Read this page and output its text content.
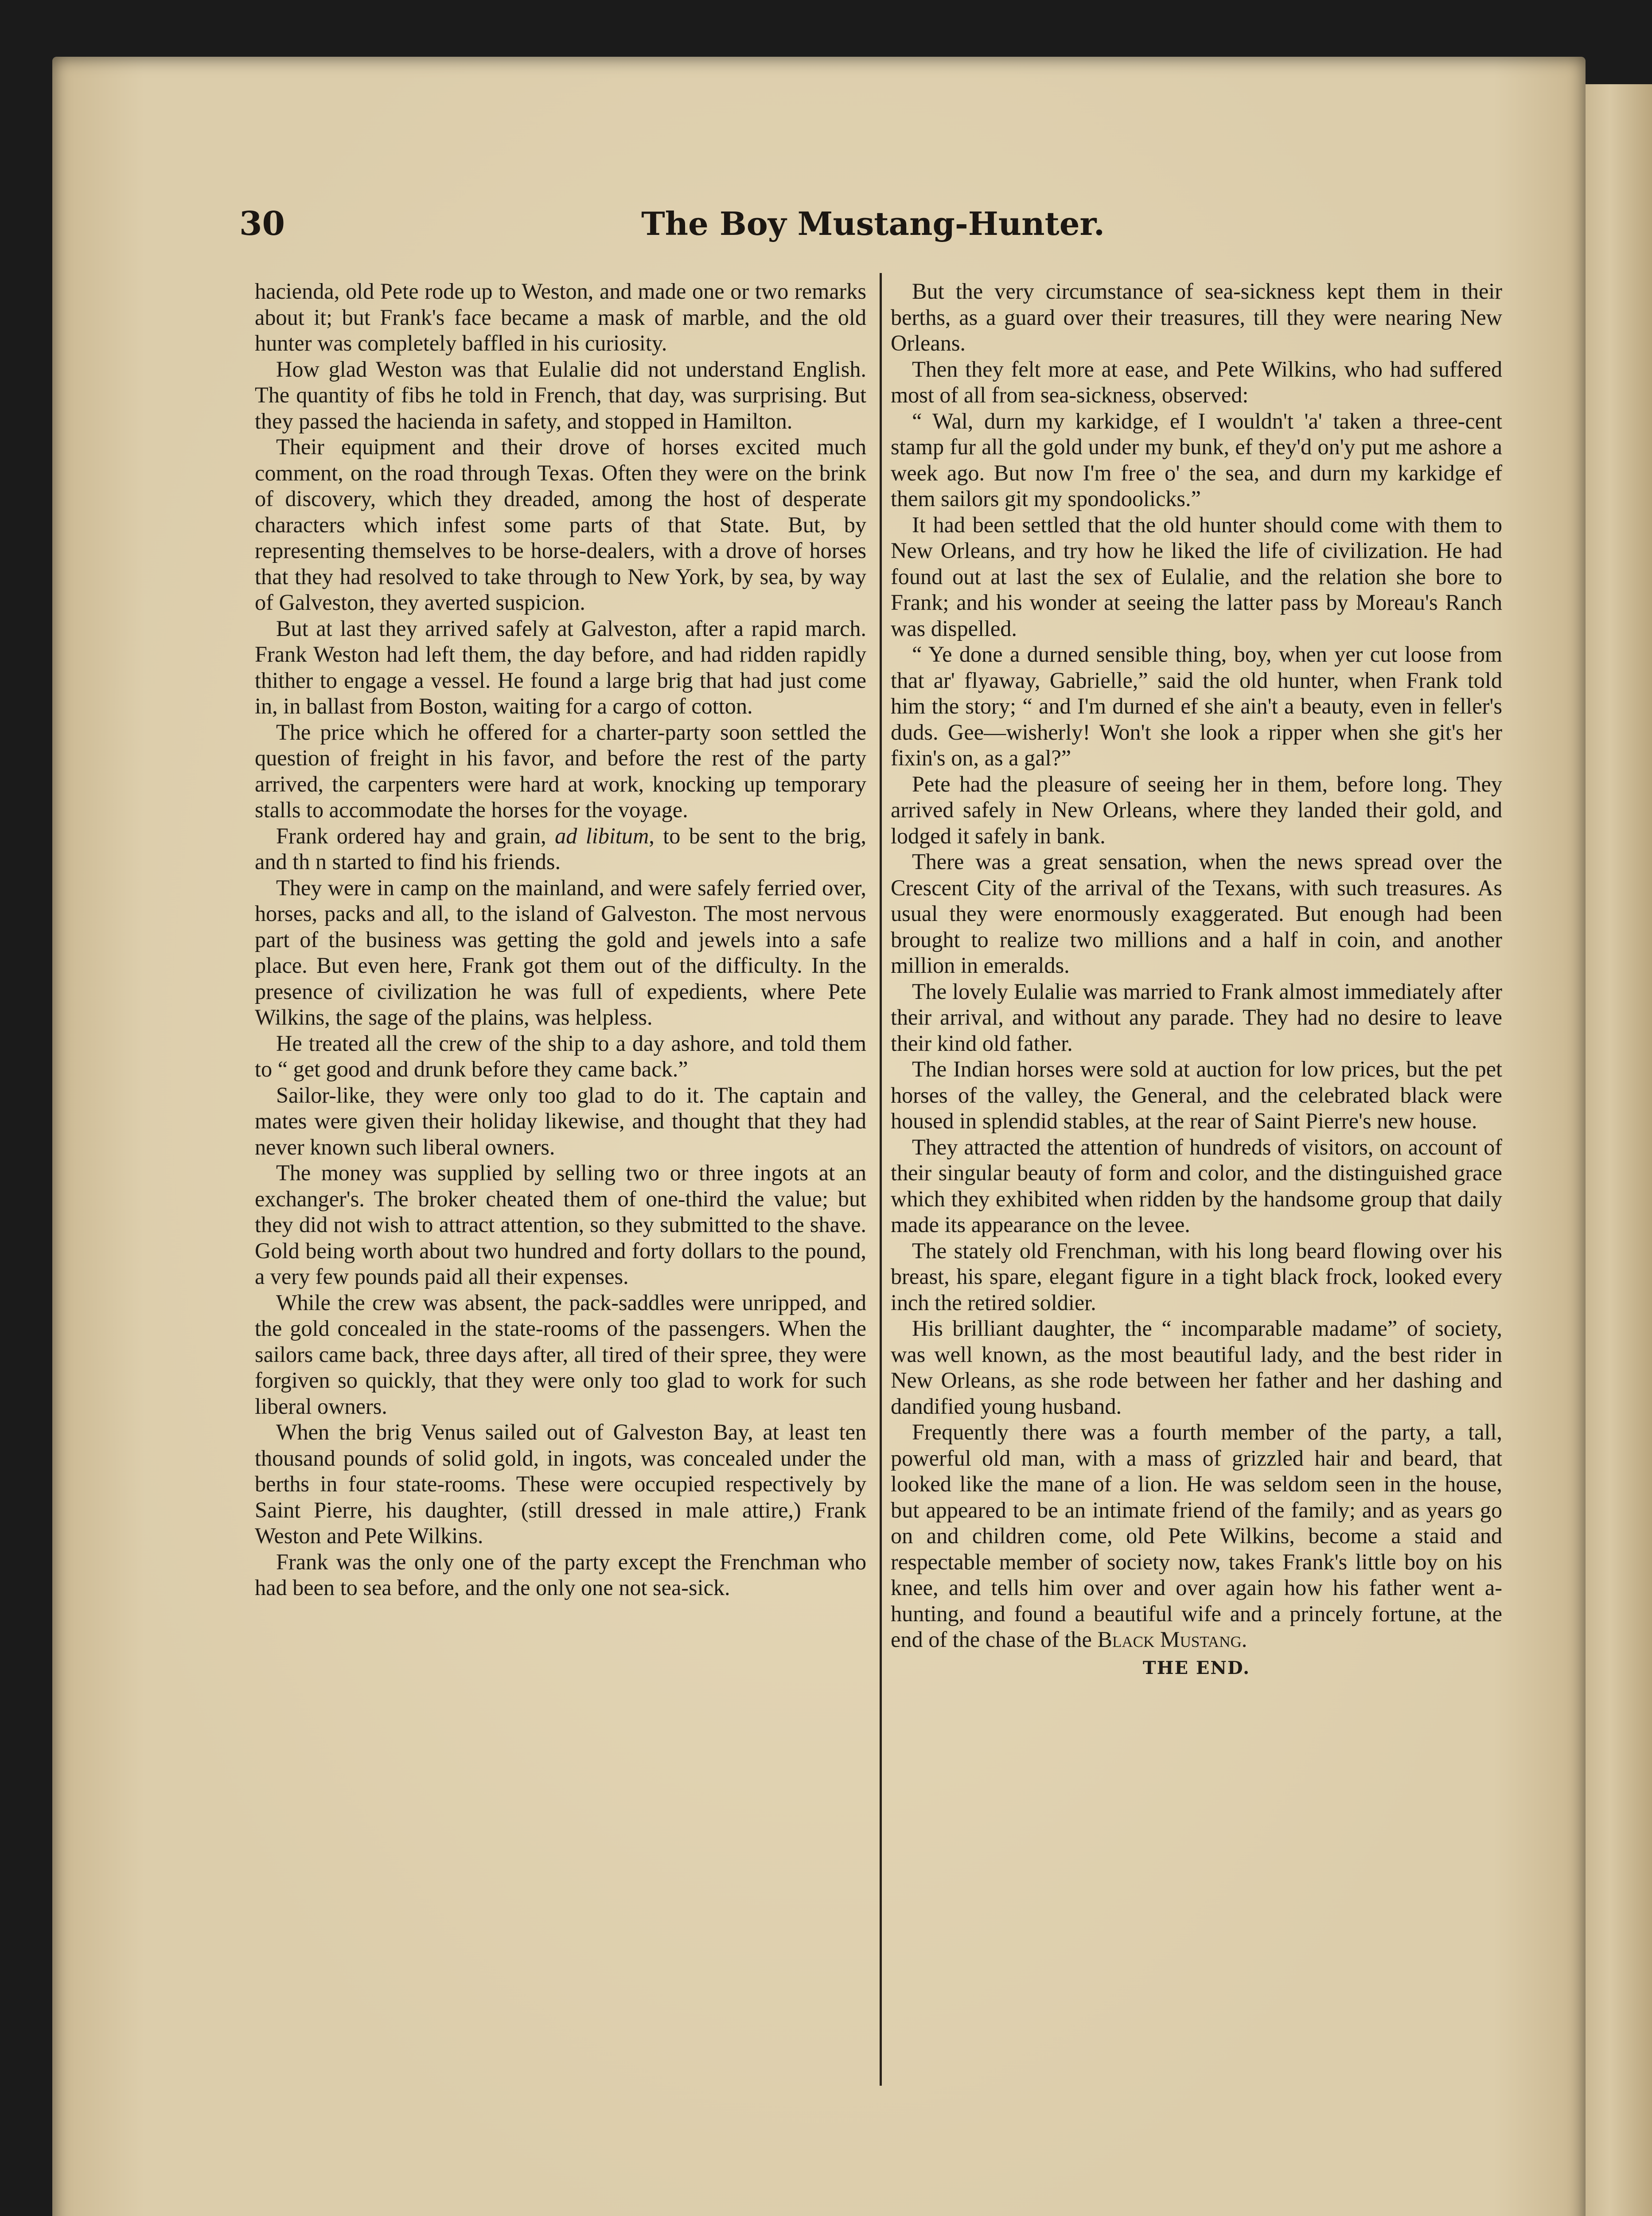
30	The Boy Mustang-Hunter.

hacienda, old Pete rode up to Weston, and made one or two remarks about it; but Frank's face became a mask of marble, and the old hunter was completely baffled in his curiosity.

How glad Weston was that Eulalie did not understand English. The quantity of fibs he told in French, that day, was surprising. But they passed the hacienda in safety, and stopped in Hamilton.

Their equipment and their drove of horses excited much comment, on the road through Texas. Often they were on the brink of discovery, which they dreaded, among the host of desperate characters which infest some parts of that State. But, by representing themselves to be horse-dealers, with a drove of horses that they had resolved to take through to New York, by sea, by way of Galveston, they averted suspicion.

But at last they arrived safely at Galveston, after a rapid march. Frank Weston had left them, the day before, and had ridden rapidly thither to engage a vessel. He found a large brig that had just come in, in ballast from Boston, waiting for a cargo of cotton.

The price which he offered for a charter-party soon settled the question of freight in his favor, and before the rest of the party arrived, the carpenters were hard at work, knocking up temporary stalls to accommodate the horses for the voyage.

Frank ordered hay and grain, ad libitum, to be sent to the brig, and th n started to find his friends.

They were in camp on the mainland, and were safely ferried over, horses, packs and all, to the island of Galveston. The most nervous part of the business was getting the gold and jewels into a safe place. But even here, Frank got them out of the difficulty. In the presence of civilization he was full of expedients, where Pete Wilkins, the sage of the plains, was helpless.

He treated all the crew of the ship to a day ashore, and told them to “ get good and drunk before they came back.”

Sailor-like, they were only too glad to do it. The captain and mates were given their holiday likewise, and thought that they had never known such liberal owners.

The money was supplied by selling two or three ingots at an exchanger's. The broker cheated them of one-third the value; but they did not wish to attract attention, so they submitted to the shave. Gold being worth about two hundred and forty dollars to the pound, a very few pounds paid all their expenses.

While the crew was absent, the pack-saddles were unripped, and the gold concealed in the state-rooms of the passengers. When the sailors came back, three days after, all tired of their spree, they were forgiven so quickly, that they were only too glad to work for such liberal owners.

When the brig Venus sailed out of Galveston Bay, at least ten thousand pounds of solid gold, in ingots, was concealed under the berths in four state-rooms. These were occupied respectively by Saint Pierre, his daughter, (still dressed in male attire,) Frank Weston and Pete Wilkins.

Frank was the only one of the party except the Frenchman who had been to sea before, and the only one not sea-sick.

But the very circumstance of sea-sickness kept them in their berths, as a guard over their treasures, till they were nearing New Orleans.

Then they felt more at ease, and Pete Wilkins, who had suffered most of all from sea-sickness, observed:

“ Wal, durn my karkidge, ef I wouldn't 'a' taken a three-cent stamp fur all the gold under my bunk, ef they'd on'y put me ashore a week ago. But now I'm free o' the sea, and durn my karkidge ef them sailors git my spondoolicks.”

It had been settled that the old hunter should come with them to New Orleans, and try how he liked the life of civilization. He had found out at last the sex of Eulalie, and the relation she bore to Frank; and his wonder at seeing the latter pass by Moreau's Ranch was dispelled.

“ Ye done a durned sensible thing, boy, when yer cut loose from that ar' flyaway, Gabrielle,” said the old hunter, when Frank told him the story; “ and I'm durned ef she ain't a beauty, even in feller's duds. Gee—wisherly! Won't she look a ripper when she git's her fixin's on, as a gal?”

Pete had the pleasure of seeing her in them, before long. They arrived safely in New Orleans, where they landed their gold, and lodged it safely in bank.

There was a great sensation, when the news spread over the Crescent City of the arrival of the Texans, with such treasures. As usual they were enormously exaggerated. But enough had been brought to realize two millions and a half in coin, and another million in emeralds.

The lovely Eulalie was married to Frank almost immediately after their arrival, and without any parade. They had no desire to leave their kind old father.

The Indian horses were sold at auction for low prices, but the pet horses of the valley, the General, and the celebrated black were housed in splendid stables, at the rear of Saint Pierre's new house.

They attracted the attention of hundreds of visitors, on account of their singular beauty of form and color, and the distinguished grace which they exhibited when ridden by the handsome group that daily made its appearance on the levee.

The stately old Frenchman, with his long beard flowing over his breast, his spare, elegant figure in a tight black frock, looked every inch the retired soldier.

His brilliant daughter, the “ incomparable madame” of society, was well known, as the most beautiful lady, and the best rider in New Orleans, as she rode between her father and her dashing and dandified young husband.

Frequently there was a fourth member of the party, a tall, powerful old man, with a mass of grizzled hair and beard, that looked like the mane of a lion. He was seldom seen in the house, but appeared to be an intimate friend of the family; and as years go on and children come, old Pete Wilkins, become a staid and respectable member of society now, takes Frank's little boy on his knee, and tells him over and over again how his father went a-hunting, and found a beautiful wife and a princely fortune, at the end of the chase of the Black Mustang.

THE END.
